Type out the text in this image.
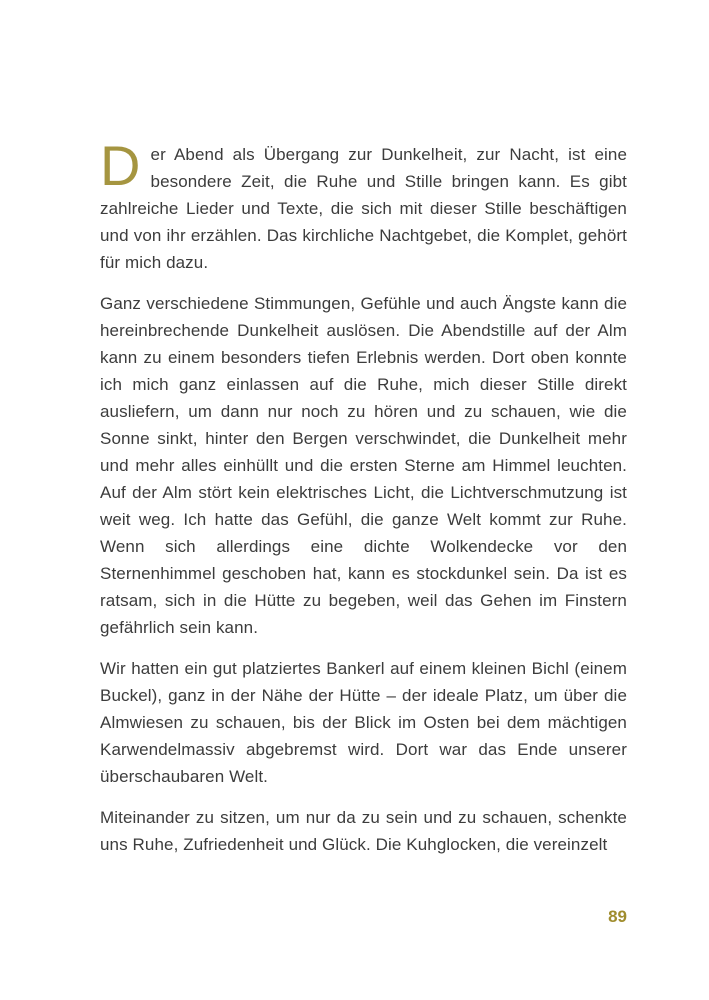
Der Abend als Übergang zur Dunkelheit, zur Nacht, ist eine besondere Zeit, die Ruhe und Stille bringen kann. Es gibt zahlreiche Lieder und Texte, die sich mit dieser Stille beschäftigen und von ihr erzählen. Das kirchliche Nachtgebet, die Komplet, gehört für mich dazu.

Ganz verschiedene Stimmungen, Gefühle und auch Ängste kann die hereinbrechende Dunkelheit auslösen. Die Abendstille auf der Alm kann zu einem besonders tiefen Erlebnis werden. Dort oben konnte ich mich ganz einlassen auf die Ruhe, mich dieser Stille direkt ausliefern, um dann nur noch zu hören und zu schauen, wie die Sonne sinkt, hinter den Bergen verschwindet, die Dunkelheit mehr und mehr alles einhüllt und die ersten Sterne am Himmel leuchten. Auf der Alm stört kein elektrisches Licht, die Lichtverschmutzung ist weit weg. Ich hatte das Gefühl, die ganze Welt kommt zur Ruhe. Wenn sich allerdings eine dichte Wolkendecke vor den Sternenhimmel geschoben hat, kann es stockdunkel sein. Da ist es ratsam, sich in die Hütte zu begeben, weil das Gehen im Finstern gefährlich sein kann.

Wir hatten ein gut platziertes Bankerl auf einem kleinen Bichl (einem Buckel), ganz in der Nähe der Hütte – der ideale Platz, um über die Almwiesen zu schauen, bis der Blick im Osten bei dem mächtigen Karwendelmassiv abgebremst wird. Dort war das Ende unserer überschaubaren Welt.

Miteinander zu sitzen, um nur da zu sein und zu schauen, schenkte uns Ruhe, Zufriedenheit und Glück. Die Kuhglocken, die vereinzelt

89
